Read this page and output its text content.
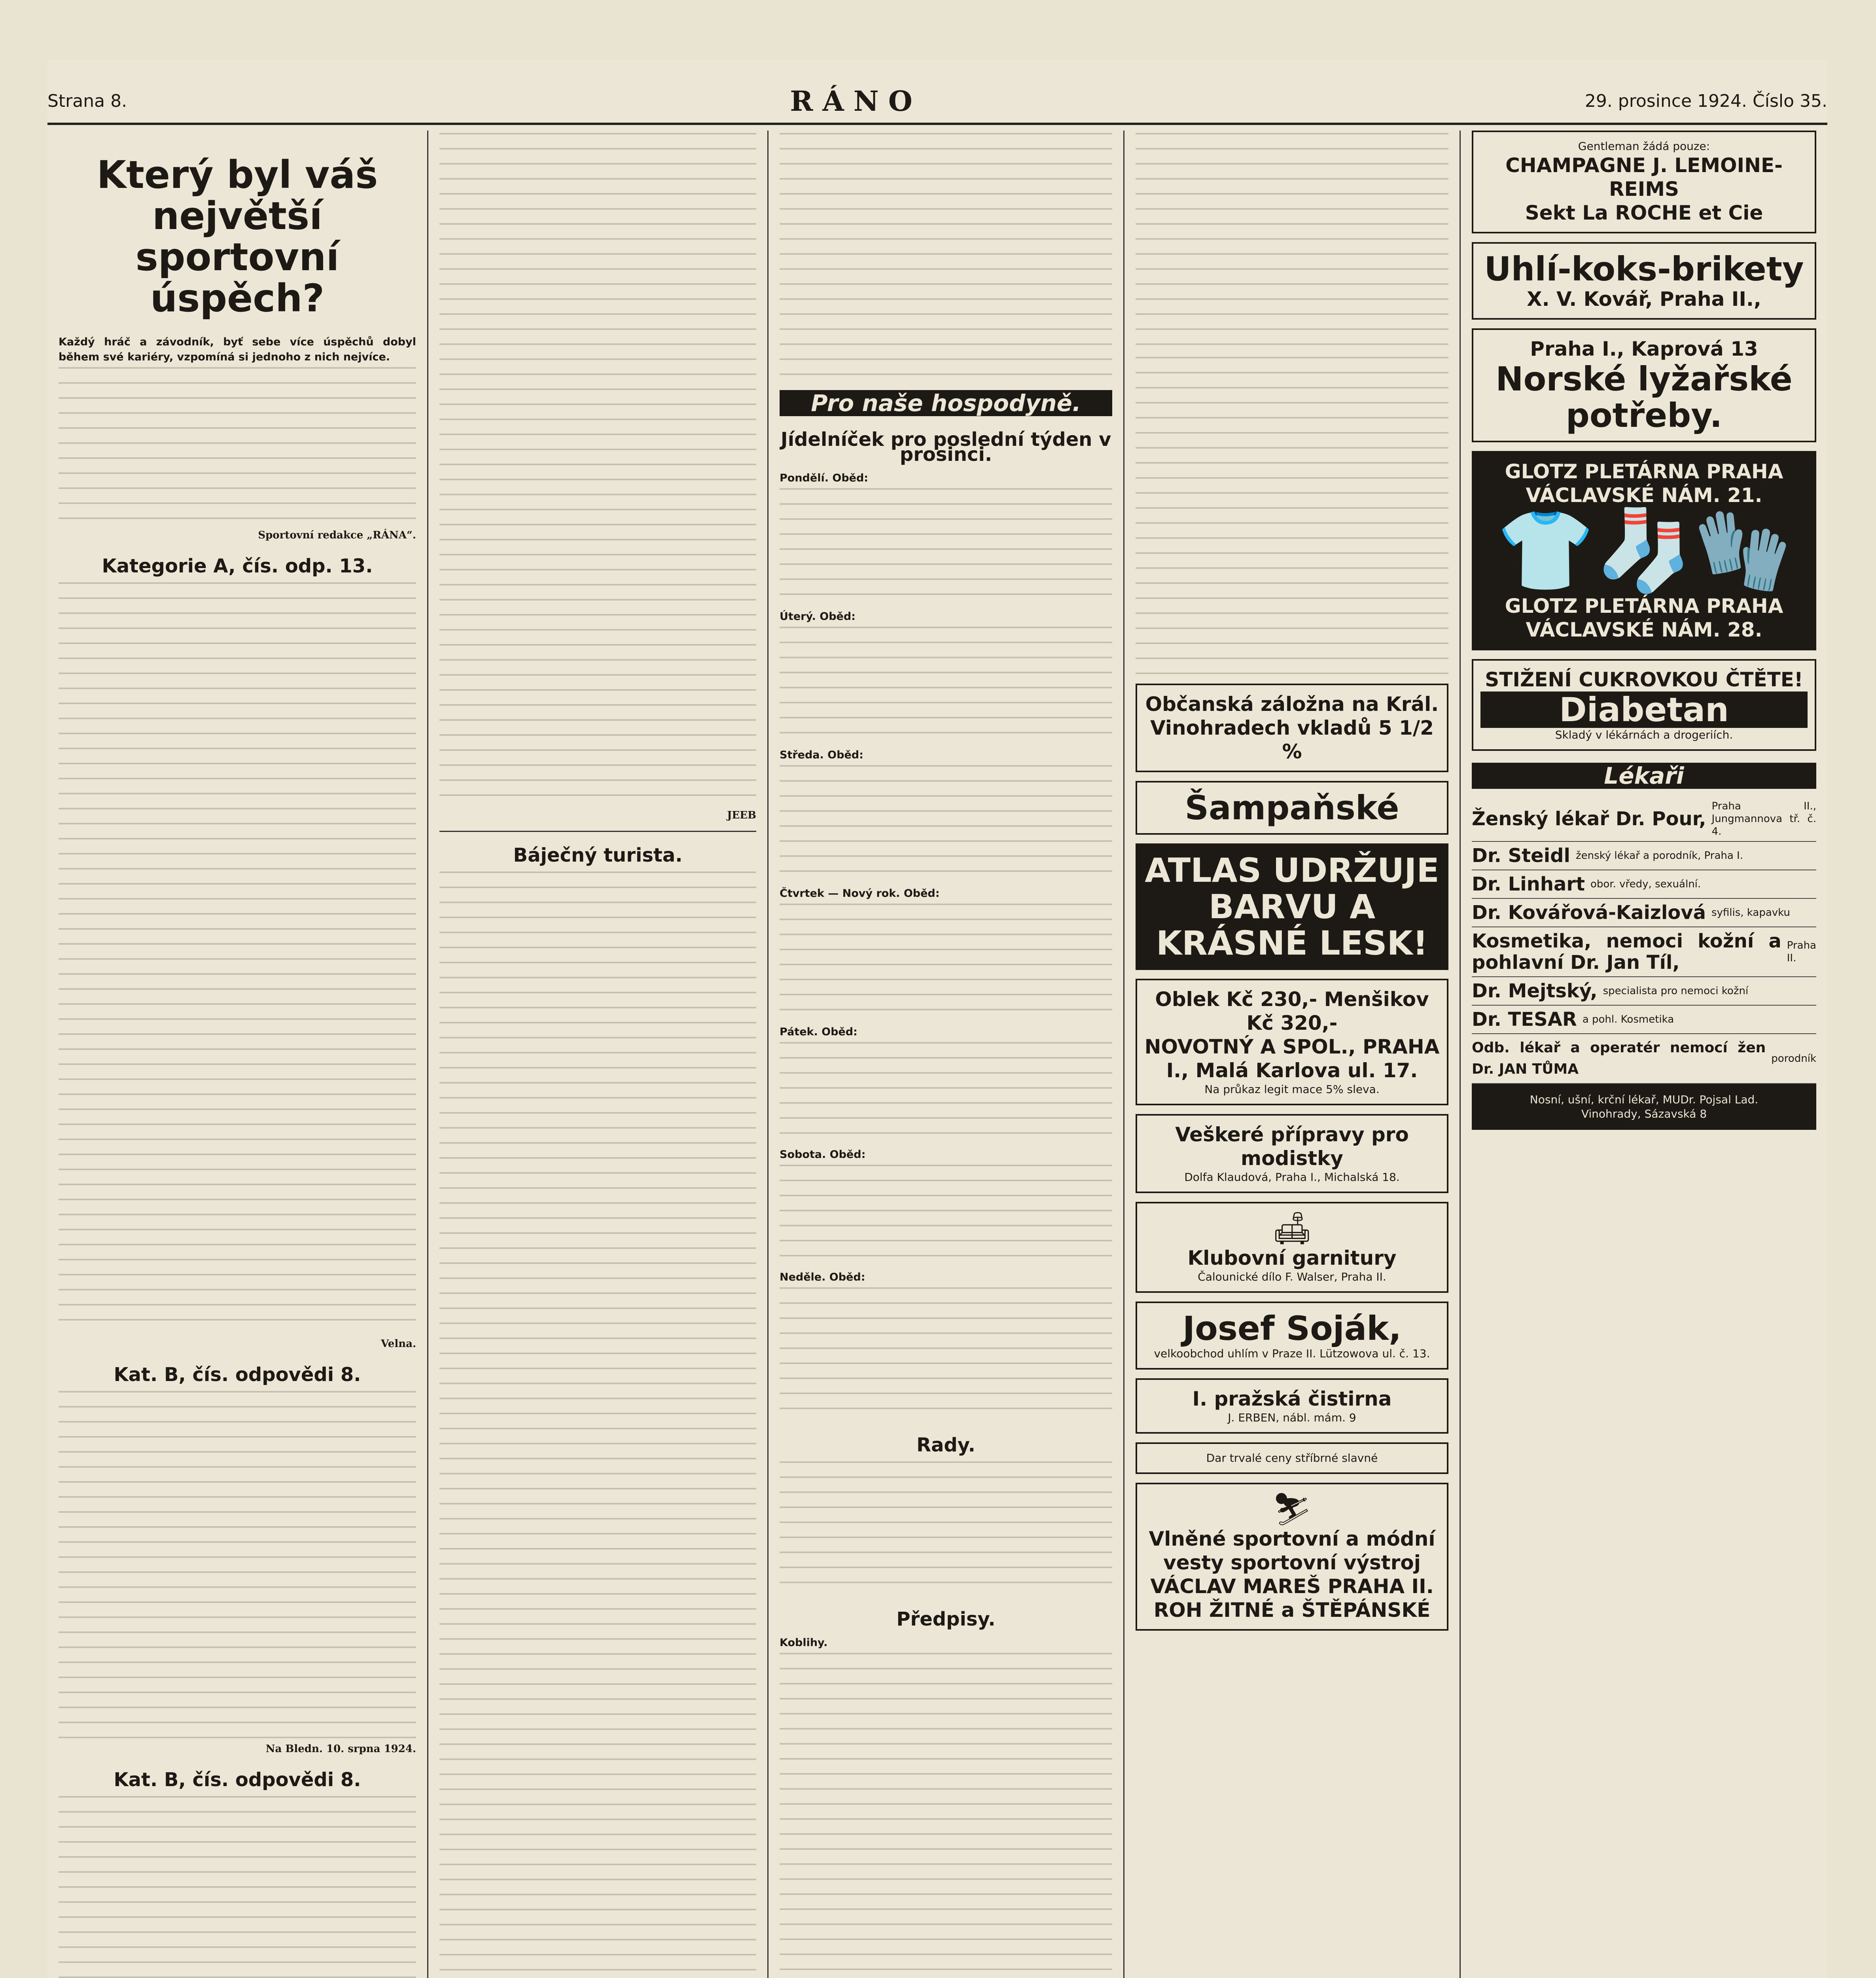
Strana 8.	RÁNO	29. prosince 1924. Číslo 35.
Který byl váš největší sportovní úspěch?
Každý hráč a závodník, byť sebe více úspěchů dobyl během své kariéry, vzpomíná si jednoho z nich nejvíce.
Sportovní redakce „RÁNA“.
Kategorie A, čís. odp. 13.
Velna.
Kat. B, čís. odpovědi 8.
Na Bledn. 10. srpna 1924.
Kat. B, čís. odpovědi 8.
JEEB
Báječný turista.
Pro naše hospodyně.
Jídelníček pro poslední týden v prosinci.
Pondělí. Oběd:
Úterý. Oběd:
Středa. Oběd:
Čtvrtek — Nový rok. Oběd:
Pátek. Oběd:
Sobota. Oběd:
Neděle. Oběd:
Rady.
Předpisy.
Koblihy.
Občanská záložna na Král. Vinohradech vkladů 5 1/2 %
Šampaňské
ATLAS UDRŽUJE BARVU A KRÁSNÉ LESK!
Oblek Kč 230,- Menšikov Kč 320,-
NOVOTNÝ A SPOL., PRAHA I., Malá Karlova ul. 17.
Na průkaz legit mace 5% sleva.
Veškeré přípravy pro modistky
Dolfa Klaudová, Praha I., Michalská 18.
🛋
Klubovní garnitury
Čalounické dílo F. Walser, Praha II.
Josef Soják,
velkoobchod uhlím v Praze II. Lützowova ul. č. 13.
I. pražská čistirna
J. ERBEN, nábl. mám. 9
Dar trvalé ceny stříbrné slavné
⛷
Vlněné sportovní a módní vesty sportovní výstroj VÁCLAV MAREŠ PRAHA II. ROH ŽITNÉ a ŠTĚPÁNSKÉ
Gentleman žádá pouze:
CHAMPAGNE J. LEMOINE-REIMS
Sekt La ROCHE et Cie
Uhlí-koks-brikety
X. V. Kovář, Praha II.,
Praha I., Kaprová 13
Norské lyžařské potřeby.
GLOTZ PLETÁRNA PRAHA VÁCLAVSKÉ NÁM. 21.
👕🧦🧤
GLOTZ PLETÁRNA PRAHA VÁCLAVSKÉ NÁM. 28.
STIŽENÍ CUKROVKOU ČTĚTE!
Diabetan
Skladý v lékárnách a drogeriích.
Lékaři
Ženský lékař Dr. Pour,
Praha II., Jungmannova tř. č. 4.
Dr. Steidl ženský lékař a porodník, Praha I.
Dr. Linhart obor. vředy, sexuální.
Dr. Kovářová-Kaizlová syfilis, kapavku
Kosmetika, nemoci kožní a pohlavní Dr. Jan Tíl,
Praha II.
Dr. Mejtský, specialista pro nemoci kožní
Dr. TESAR a pohl. Kosmetika
Odb. lékař a operatér nemocí žen Dr. JAN TŮMA
porodník
Nosní, ušní, krční lékař, MUDr. Pojsal Lad.
Vinohrady, Sázavská 8
